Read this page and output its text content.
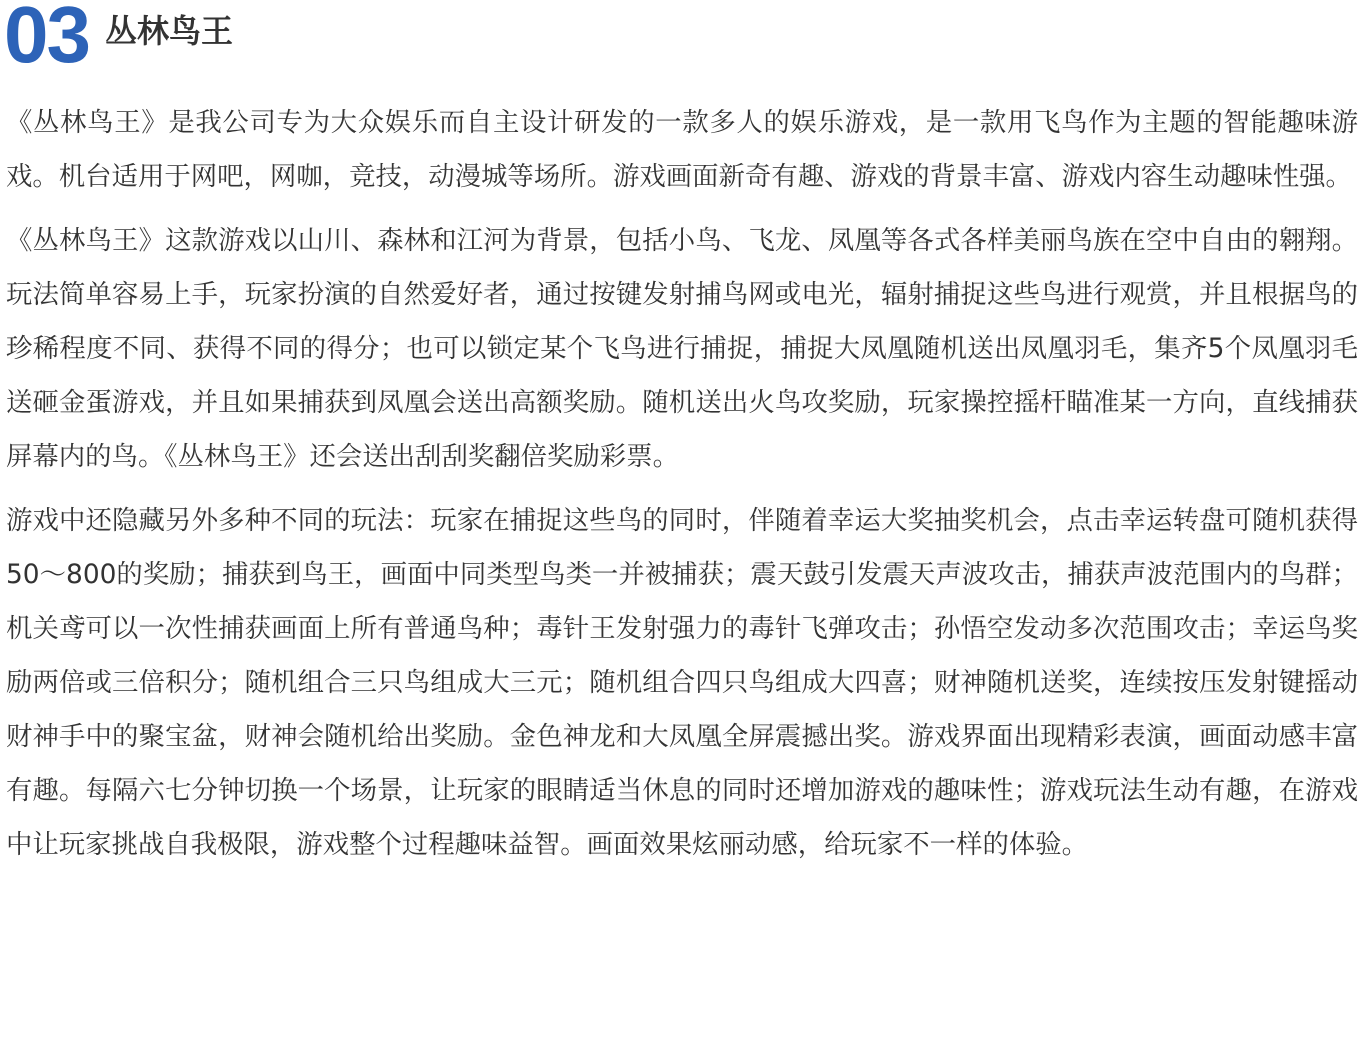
03 丛林鸟王

《丛林鸟王》是我公司专为大众娱乐而自主设计研发的一款多人的娱乐游戏，是一款用飞鸟作为主题的智能趣味游戏。机台适用于网吧，网咖，竞技，动漫城等场所。游戏画面新奇有趣、游戏的背景丰富、游戏内容生动趣味性强。

《丛林鸟王》这款游戏以山川、森林和江河为背景，包括小鸟、飞龙、凤凰等各式各样美丽鸟族在空中自由的翱翔。玩法简单容易上手，玩家扮演的自然爱好者，通过按键发射捕鸟网或电光，辐射捕捉这些鸟进行观赏，并且根据鸟的珍稀程度不同、获得不同的得分；也可以锁定某个飞鸟进行捕捉，捕捉大凤凰随机送出凤凰羽毛，集齐5个凤凰羽毛送砸金蛋游戏，并且如果捕获到凤凰会送出高额奖励。随机送出火鸟攻奖励，玩家操控摇杆瞄准某一方向，直线捕获屏幕内的鸟。《丛林鸟王》还会送出刮刮奖翻倍奖励彩票。

游戏中还隐藏另外多种不同的玩法：玩家在捕捉这些鸟的同时，伴随着幸运大奖抽奖机会，点击幸运转盘可随机获得50～800的奖励；捕获到鸟王，画面中同类型鸟类一并被捕获；震天鼓引发震天声波攻击，捕获声波范围内的鸟群；机关鸢可以一次性捕获画面上所有普通鸟种；毒针王发射强力的毒针飞弹攻击；孙悟空发动多次范围攻击；幸运鸟奖励两倍或三倍积分；随机组合三只鸟组成大三元；随机组合四只鸟组成大四喜；财神随机送奖，连续按压发射键摇动财神手中的聚宝盆，财神会随机给出奖励。金色神龙和大凤凰全屏震撼出奖。游戏界面出现精彩表演，画面动感丰富有趣。每隔六七分钟切换一个场景，让玩家的眼睛适当休息的同时还增加游戏的趣味性；游戏玩法生动有趣，在游戏中让玩家挑战自我极限，游戏整个过程趣味益智。画面效果炫丽动感，给玩家不一样的体验。
